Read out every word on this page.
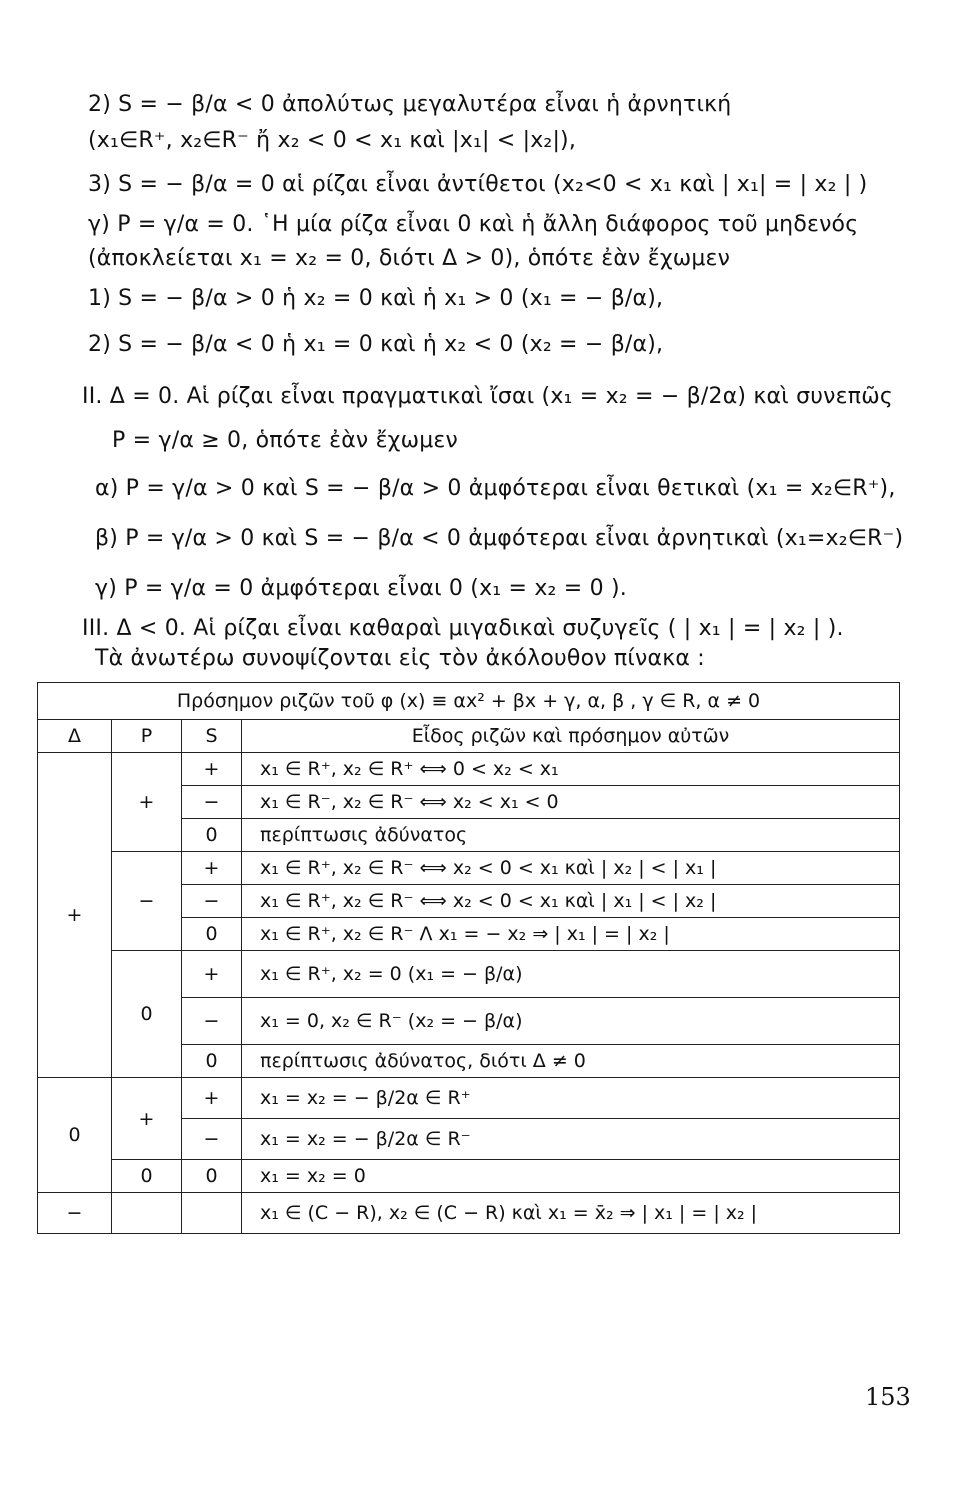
2) S = − β/α < 0 ἀπολύτως μεγαλυτέρα εἶναι ἡ ἀρνητική
(x₁∈R⁺, x₂∈R⁻ ἤ x₂ < 0 < x₁ καὶ |x₁| < |x₂|),
3) S = − β/α = 0 αἱ ρίζαι εἶναι ἀντίθετοι (x₂<0 < x₁ καὶ | x₁| = | x₂ | )
γ) P = γ/α = 0. ῾Η μία ρίζα εἶναι 0 καὶ ἡ ἄλλη διάφορος τοῦ μηδενός
(ἀποκλείεται x₁ = x₂ = 0, διότι Δ > 0), ὁπότε ἐὰν ἔχωμεν
1) S = − β/α > 0 ἡ x₂ = 0 καὶ ἡ x₁ > 0 (x₁ = − β/α),
2) S = − β/α < 0 ἡ x₁ = 0 καὶ ἡ x₂ < 0 (x₂ = − β/α),
II. Δ = 0. Αἱ ρίζαι εἶναι πραγματικαὶ ἴσαι (x₁ = x₂ = − β/2α) καὶ συνεπῶς
P = γ/α ≥ 0, ὁπότε ἐὰν ἔχωμεν
α) P = γ/α > 0 καὶ S = − β/α > 0 ἀμφότεραι εἶναι θετικαὶ (x₁ = x₂∈R⁺),
β) P = γ/α > 0 καὶ S = − β/α < 0 ἀμφότεραι εἶναι ἀρνητικαὶ (x₁=x₂∈R⁻)
γ) P = γ/α = 0 ἀμφότεραι εἶναι 0 (x₁ = x₂ = 0 ).
III. Δ < 0. Αἱ ρίζαι εἶναι καθαραὶ μιγαδικαὶ συζυγεῖς ( | x₁ | = | x₂ | ).
Τὰ ἀνωτέρω συνοψίζονται εἰς τὸν ἀκόλουθον πίνακα :
Πρόσημον ριζῶν τοῦ φ (x) ≡ αx² + βx + γ, α, β , γ ∈ R, α ≠ 0			
Δ	P	S	Εἶδος ριζῶν καὶ πρόσημον αὐτῶν
+	+	+	x₁ ∈ R⁺, x₂ ∈ R⁺ ⟺ 0 < x₂ < x₁
		−	x₁ ∈ R⁻, x₂ ∈ R⁻ ⟺ x₂ < x₁ < 0
		0	περίπτωσις ἀδύνατος
	−	+	x₁ ∈ R⁺, x₂ ∈ R⁻ ⟺ x₂ < 0 < x₁ καὶ | x₂ | < | x₁ |
		−	x₁ ∈ R⁺, x₂ ∈ R⁻ ⟺ x₂ < 0 < x₁ καὶ | x₁ | < | x₂ |
		0	x₁ ∈ R⁺, x₂ ∈ R⁻ Λ x₁ = − x₂ ⇒ | x₁ | = | x₂ |
	0	+	x₁ ∈ R⁺, x₂ = 0 (x₁ = − β/α)
		−	x₁ = 0, x₂ ∈ R⁻ (x₂ = − β/α)
		0	περίπτωσις ἀδύνατος, διότι Δ ≠ 0
0	+	+	x₁ = x₂ = − β/2α ∈ R⁺
		−	x₁ = x₂ = − β/2α ∈ R⁻
	0	0	x₁ = x₂ = 0
−			x₁ ∈ (C − R), x₂ ∈ (C − R) καὶ x₁ = x̄₂ ⇒ | x₁ | = | x₂ |
153
